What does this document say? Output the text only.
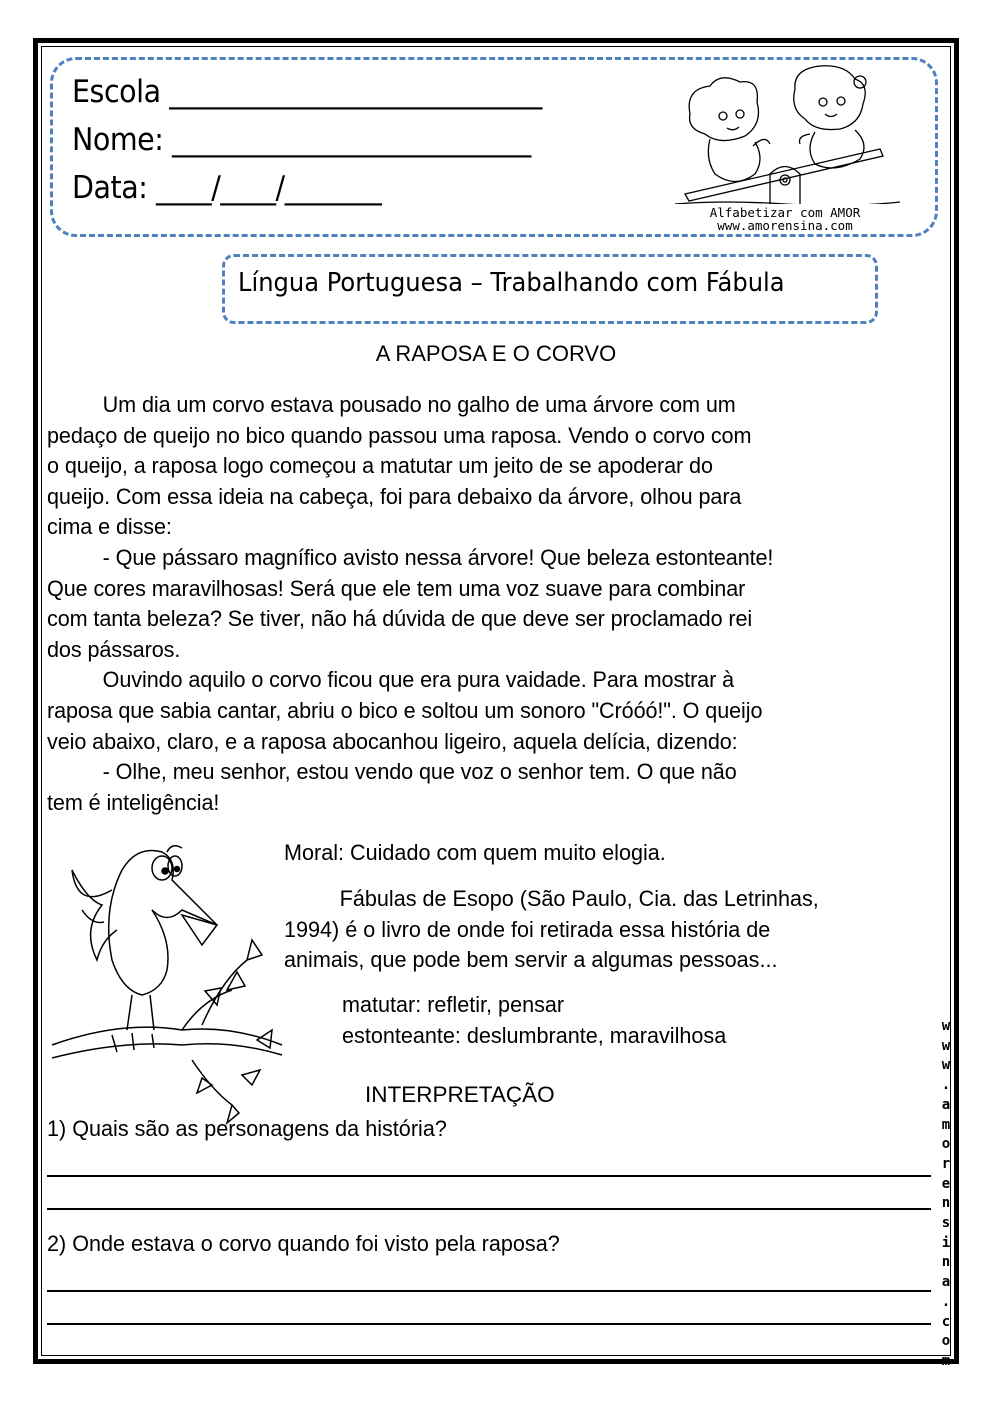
Escola ___________________________
Nome: __________________________
Data: ____/____/_______
Alfabetizar com AMOR
www.amorensina.com
Língua Portuguesa – Trabalhando com Fábula
A RAPOSA E O CORVO
Um dia um corvo estava pousado no galho de uma árvore com um
pedaço de queijo no bico quando passou uma raposa. Vendo o corvo com
o queijo, a raposa logo começou a matutar um jeito de se apoderar do
queijo. Com essa ideia na cabeça, foi para debaixo da árvore, olhou para
cima e disse:
- Que pássaro magnífico avisto nessa árvore! Que beleza estonteante!
Que cores maravilhosas! Será que ele tem uma voz suave para combinar
com tanta beleza? Se tiver, não há dúvida de que deve ser proclamado rei
dos pássaros.
Ouvindo aquilo o corvo ficou que era pura vaidade. Para mostrar à
raposa que sabia cantar, abriu o bico e soltou um sonoro "Cróóó!". O queijo
veio abaixo, claro, e a raposa abocanhou ligeiro, aquela delícia, dizendo:
- Olhe, meu senhor, estou vendo que voz o senhor tem. O que não
tem é inteligência!
Moral: Cuidado com quem muito elogia.
Fábulas de Esopo (São Paulo, Cia. das Letrinhas,
1994) é o livro de onde foi retirada essa história de
animais, que pode bem servir a algumas pessoas...
matutar: refletir, pensar
estonteante: deslumbrante, maravilhosa
INTERPRETAÇÃO
1) Quais são as personagens da história?
2) Onde estava o corvo quando foi visto pela raposa?
w
w
w
.
a
m
o
r
e
n
s
i
n
a
.
c
o
m
